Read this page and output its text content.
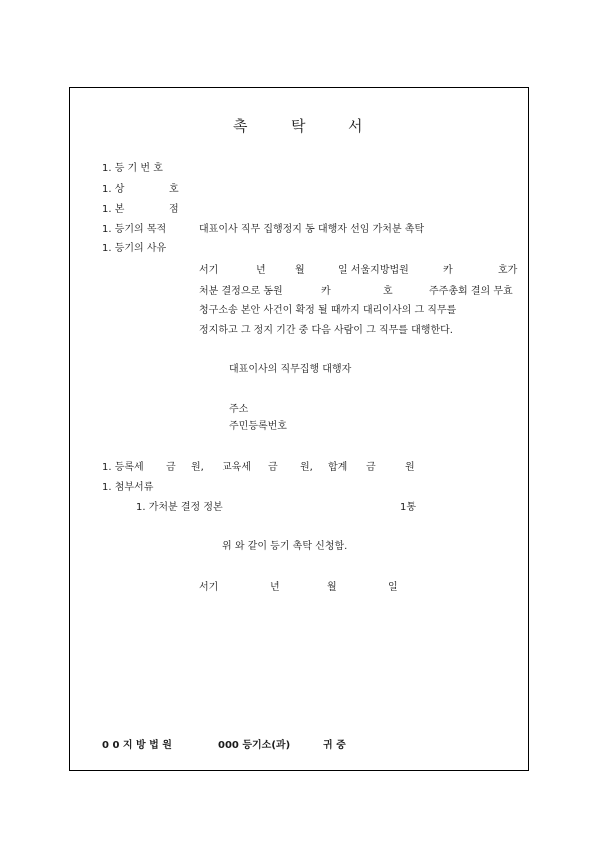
촉	탁	서
1. 등 기 번 호
1. 상	호
1. 본	점
1. 등기의 목적	대표이사 직무 집행정지 동 대행자 선임 가처분 촉탁
1. 등기의 사유
서기	년	월	일 서울지방법원	카	호가
처분 결정으로 동원	카	호	주주총회 결의 무효
청구소송 본안 사건이 확정 될 때까지 대리이사의 그 직무를
정지하고 그 정지 기간 중 다음 사람이 그 직무를 대행한다.
대표이사의 직무집행 대행자
주소
주민등록번호
1. 등록세 금 원, 교육세 금 원, 합계 금	원
1. 첨부서류
1. 가처분 결정 정본	1통
위 와 같이 등기 촉탁 신청함.
서기	년	월	일
0 0 지 방 법 원	000 등기소(과)	귀 중
